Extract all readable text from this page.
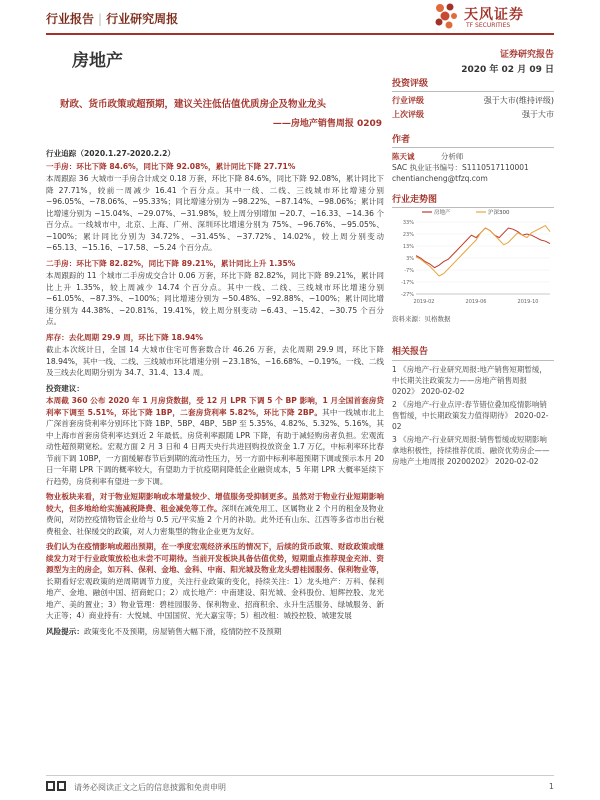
行业报告 | 行业研究周报	天风证券
TF SECURITIES
房地产	证券研究报告
2020 年 02 月 09 日
财政、货币政策或超预期，建议关注低估值优质房企及物业龙头
——房地产销售周报 0209
投资评级
行业评级	强于大市(维持评级)
上次评级	强于大市
作者
陈天诚	分析师
SAC 执业证书编号：S1110517110001
chentiancheng@tfzq.com
行业走势图
33%
23%
13%
3%
-7%
-17%
-27%
2019-02	2019-06	2019-10
房地产	沪深300
资料来源：贝格数据
相关报告
1 《房地产-行业研究周报:地产销售短期暂缓，中长期关注政策发力——房地产销售周报 0202》 2020-02-02
2 《房地产-行业点评:春节错位叠加疫情影响销售暂缓，中长期政策发力值得期待》 2020-02-02
3 《房地产-行业研究周报:销售暂缓或短期影响拿地积极性，持续推荐优质、融资优势房企——房地产土地周报 20200202》 2020-02-02

行业追踪（2020.1.27-2020.2.2）

一手房：环比下降 84.6%，同比下降 92.08%，累计同比下降 27.71%

本周跟踪 36 大城市一手房合计成交 0.18 万套，环比下降 84.6%，同比下降 92.08%，累计同比下降 27.71%，较前一周减少 16.41 个百分点。其中一线、二线、三线城市环比增速分别 −96.05%、−78.06%、−95.33%；同比增速分别为 −98.22%、−87.14%、−98.06%；累计同比增速分别为 −15.04%、−29.07%、−31.98%，较上周分别增加 −20.7、−16.33、−14.36 个百分点。一线城市中，北京、上海、广州、深圳环比增速分别为 75%、−96.76%、−95.05%、−100%；累计同比分别为 34.72%、−31.45%、−37.72%、14.02%，较上周分别变动 −65.13、−15.16、−17.58、−5.24 个百分点。

二手房：环比下降 82.82%，同比下降 89.21%，累计同比上升 1.35%

本周跟踪的 11 个城市二手房成交合计 0.06 万套，环比下降 82.82%，同比下降 89.21%，累计同比上升 1.35%，较上周减少 14.74 个百分点。其中一线、二线、三线城市环比增速分别 −61.05%、−87.3%、−100%；同比增速分别为 −50.48%、−92.88%、−100%；累计同比增速分别为 44.38%、−20.81%、19.41%，较上周分别变动 −6.43、−15.42、−30.75 个百分点。

库存：去化周期 29.9 周，环比下降 18.94%

截止本次统计日，全国 14 大城市住宅可售套数合计 46.26 万套，去化周期 29.9 周，环比下降 18.94%，其中一线、二线、三线城市环比增速分别 −23.18%、−16.68%、−0.19%。一线、二线及三线去化周期分别为 34.7、31.4、13.4 周。

投资建议：

本周截 360 公布 2020 年 1 月房贷数据，受 12 月 LPR 下调 5 个 BP 影响，1 月全国首套房贷利率下调至 5.51%，环比下降 1BP，二套房贷利率 5.82%，环比下降 2BP。其中一线城市北上广深首套房贷利率分别环比下降 1BP、5BP、4BP、5BP 至 5.35%、4.82%、5.32%、5.16%，其中上海市首套房贷利率达到近 2 年最低。房贷利率跟随 LPR 下降，有助于减轻购房者负担。宏观流动性超预期宽松。宏观方面 2 月 3 日和 4 日两天央行共进回购投放资金 1.7 万亿，中标利率环比春节前下调 10BP，一方面缓解春节后到期的流动性压力，另一方面中标利率超预期下调或预示本月 20 日一年期 LPR 下调的概率较大，有望助力于抗疫期间降低企业融资成本，5 年期 LPR 大概率延续下行趋势，房贷利率有望进一步下调。

物业板块来看，对于物业短期影响或本增量较少、增值服务受抑制更多。虽然对于物业行业短期影响较大，但多地给给实施减税降费、租金减免等工作。深圳在减免用工、区属物业 2 个月的租金及物业费间，对防控疫情物管企业给与 0.5 元/平实施 2 个月的补助。此外还有山东、江西等多省市出台税费租金、社保缓交的政策，对人力密集型的物业企业更为友好。

我们认为在疫情影响或超出预期，在一季度宏观经济承压的情况下，后续的货币政策、财政政策或继续发力对于行业政策放松也未尝不可期待。当前开发板块具备估值优势，短期重点推荐现金充沛、资源型为主的房企，如万科、保利、金地、金科、中南、阳光城及物业龙头碧桂园服务、保利物业等，长期看好宏观政策的逆周期调节力度，关注行业政策的变化，持续关注：1）龙头地产：万科、保利地产、金地、融创中国、招商蛇口；2）成长地产：中南建设、阳光城、金科股份、旭辉控股、龙光地产、美的置业；3）物业管理：碧桂园服务、保利物业、招商积余、永升生活服务、绿城服务、新大正等；4）商业持有：大悦城、中国国贸、光大嘉宝等；5）租改租：城投控股、城建发展

风险提示：政策变化不及预期，房屋销售大幅下滑，疫情防控不及预期

请务必阅读正文之后的信息披露和免责申明	1
